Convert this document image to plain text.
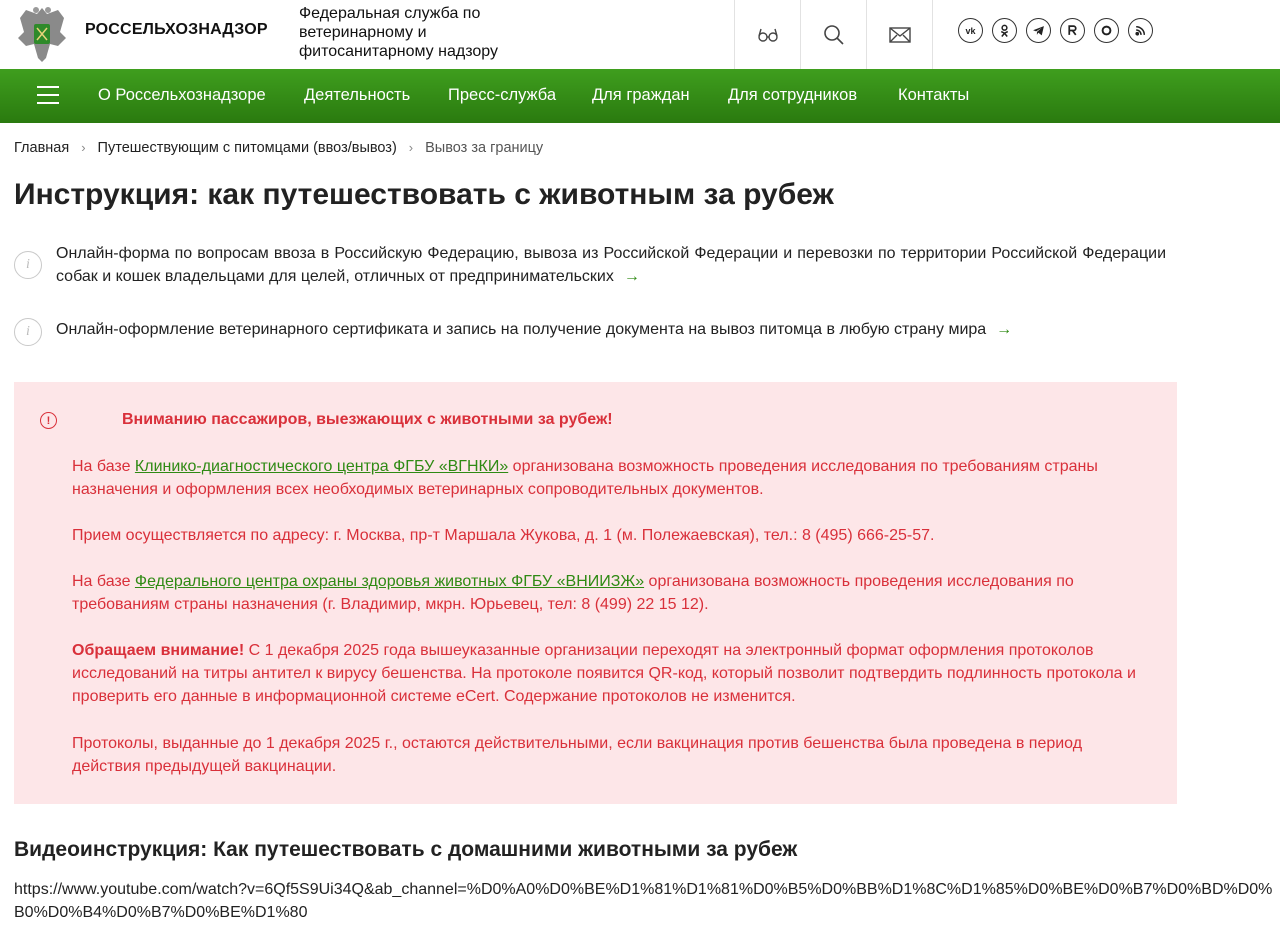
РОССЕЛЬХОЗНАДЗОР
Федеральная служба по ветеринарному и фитосанитарному надзору
vk
О Россельхознадзоре Деятельность Пресс-служба Для граждан Для сотрудников Контакты
Главная › Путешествующим с питомцами (ввоз/вывоз) › Вывоз за границу
Инструкция: как путешествовать с животным за рубеж
i
Онлайн-форма по вопросам ввоза в Российскую Федерацию, вывоза из Российской Федерации и перевозки по территории Российской Федерации собак и кошек владельцами для целей, отличных от предпринимательских →
i	Онлайн-оформление ветеринарного сертификата и запись на получение документа на вывоз питомца в любую страну мира →
!	Вниманию пассажиров, выезжающих с животными за рубеж!

На базе Клинико-диагностического центра ФГБУ «ВГНКИ» организована возможность проведения исследования по требованиям страны назначения и оформления всех необходимых ветеринарных сопроводительных документов.

Прием осуществляется по адресу: г. Москва, пр-т Маршала Жукова, д. 1 (м. Полежаевская), тел.: 8 (495) 666-25-57.

На базе Федерального центра охраны здоровья животных ФГБУ «ВНИИЗЖ» организована возможность проведения исследования по требованиям страны назначения (г. Владимир, мкрн. Юрьевец, тел: 8 (499) 22 15 12).

Обращаем внимание! С 1 декабря 2025 года вышеуказанные организации переходят на электронный формат оформления протоколов исследований на титры антител к вирусу бешенства. На протоколе появится QR-код, который позволит подтвердить подлинность протокола и проверить его данные в информационной системе eCert. Содержание протоколов не изменится.

Протоколы, выданные до 1 декабря 2025 г., остаются действительными, если вакцинация против бешенства была проведена в период действия предыдущей вакцинации.

Видеоинструкция: Как путешествовать с домашними животными за рубеж
https://www.youtube.com/watch?v=6Qf5S9Ui34Q&ab_channel=%D0%A0%D0%BE%D1%81%D1%81%D0%B5%D0%BB%D1%8C%D1%85%D0%BE%D0%B7%D0%BD%D0%B0%D0%B4%D0%B7%D0%BE%D1%80
